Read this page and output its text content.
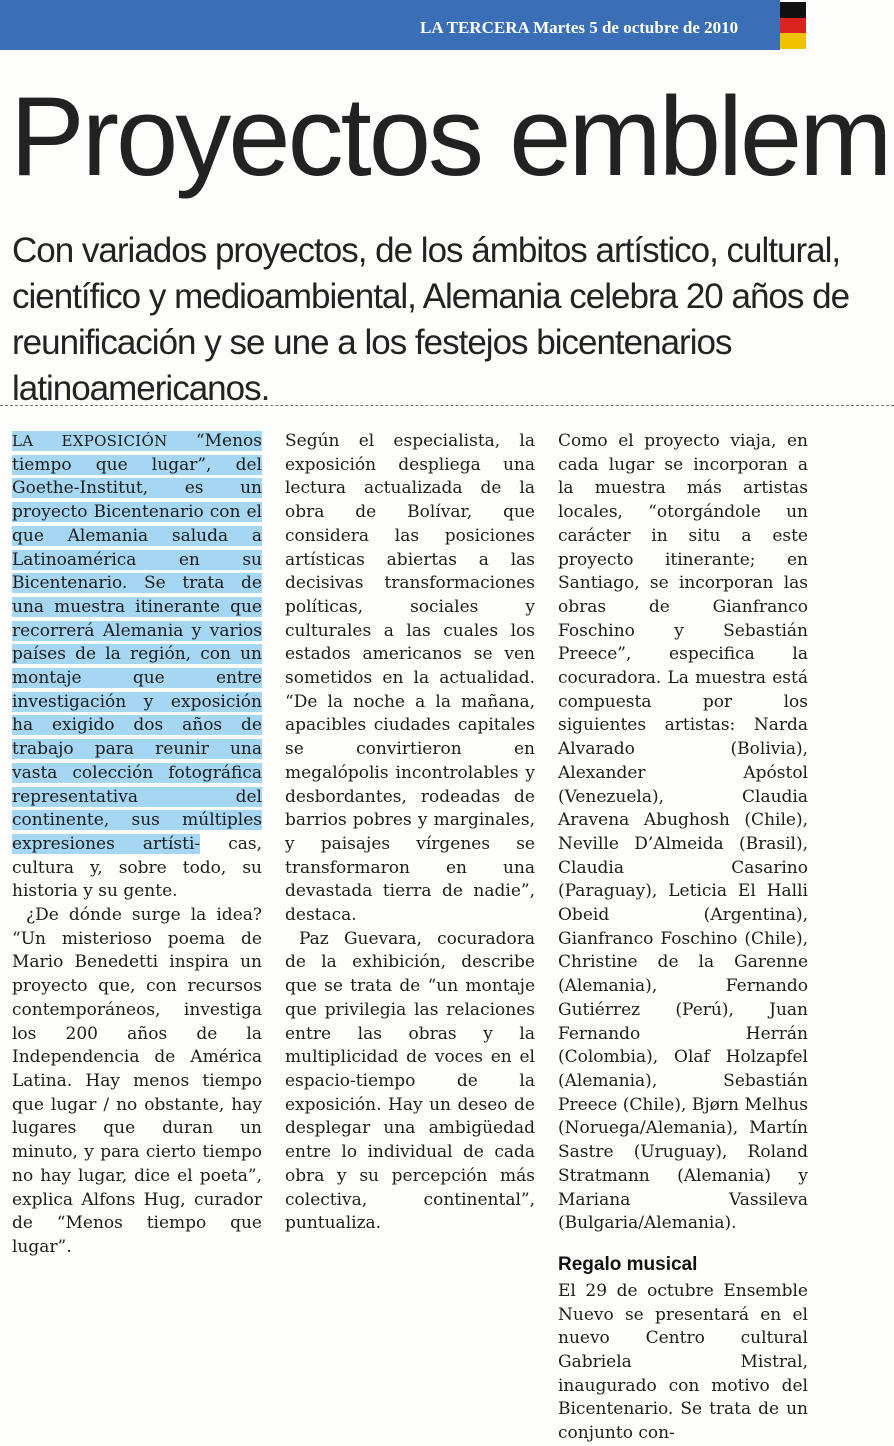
LA TERCERA Martes 5 de octubre de 2010
Proyectos emblem

Con variados proyectos, de los ámbitos artístico, cultural, científico y medioambiental, Alemania celebra 20 años de reunificación y se une a los festejos bicentenarios latinoamericanos.

LA EXPOSICIÓN “Menos tiempo que lugar”, del Goethe-Institut, es un proyecto Bicentenario con el que Alemania saluda a Latinoamérica en su Bicentenario. Se trata de una muestra itinerante que recorrerá Alemania y varios países de la región, con un montaje que entre investigación y exposición ha exigido dos años de trabajo para reunir una vasta colección fotográfica representativa del continente, sus múltiples expresiones artísti- cas, cultura y, sobre todo, su historia y su gente.

¿De dónde surge la idea? “Un misterioso poema de Mario Benedetti inspira un proyecto que, con recursos contemporáneos, investiga los 200 años de la Independencia de América Latina. Hay menos tiempo que lugar / no obstante, hay lugares que duran un minuto, y para cierto tiempo no hay lugar, dice el poeta”, explica Alfons Hug, curador de “Menos tiempo que lugar”.

Según el especialista, la exposición despliega una lectura actualizada de la obra de Bolívar, que considera las posiciones artísticas abiertas a las decisivas transformaciones políticas, sociales y culturales a las cuales los estados americanos se ven sometidos en la actualidad. “De la noche a la mañana, apacibles ciudades capitales se convirtieron en megalópolis incontrolables y desbordantes, rodeadas de barrios pobres y marginales, y paisajes vírgenes se transformaron en una devastada tierra de nadie”, destaca.

Paz Guevara, cocuradora de la exhibición, describe que se trata de “un montaje que privilegia las relaciones entre las obras y la multiplicidad de voces en el espacio-tiempo de la exposición. Hay un deseo de desplegar una ambigüedad entre lo individual de cada obra y su percepción más colectiva, continental”, puntualiza.

Como el proyecto viaja, en cada lugar se incorporan a la muestra más artistas locales, “otorgándole un carácter in situ a este proyecto itinerante; en Santiago, se incorporan las obras de Gianfranco Foschino y Sebastián Preece”, especifica la cocuradora. La muestra está compuesta por los siguientes artistas: Narda Alvarado (Bolivia), Alexander Apóstol (Venezuela), Claudia Aravena Abughosh (Chile), Neville D’Almeida (Brasil), Claudia Casarino (Paraguay), Leticia El Halli Obeid (Argentina), Gianfranco Foschino (Chile), Christine de la Garenne (Alemania), Fernando Gutiérrez (Perú), Juan Fernando Herrán (Colombia), Olaf Holzapfel (Alemania), Sebastián Preece (Chile), Bjørn Melhus (Noruega/Alemania), Martín Sastre (Uruguay), Roland Stratmann (Alemania) y Mariana Vassileva (Bulgaria/Alemania).

Regalo musical

El 29 de octubre Ensemble Nuevo se presentará en el nuevo Centro cultural Gabriela Mistral, inaugurado con motivo del Bicentenario. Se trata de un conjunto con-
